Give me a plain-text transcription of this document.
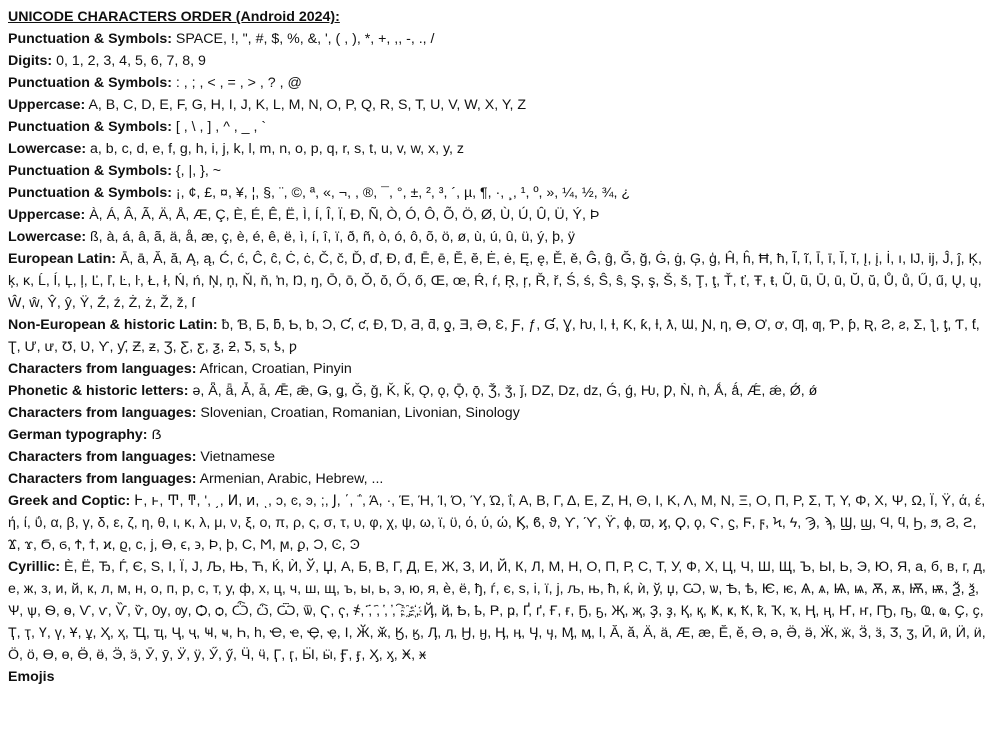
UNICODE CHARACTERS ORDER (Android 2024):

Punctuation & Symbols: SPACE, !, ", #, $, %, &, ', ( , ), *, +, ,, -, ., /

Digits: 0, 1, 2, 3, 4, 5, 6, 7, 8, 9

Punctuation & Symbols: : , ; , < , = , > , ? , @

Uppercase: A, B, C, D, E, F, G, H, I, J, K, L, M, N, O, P, Q, R, S, T, U, V, W, X, Y, Z

Punctuation & Symbols: [ , \ , ] , ^ , _ , `

Lowercase: a, b, c, d, e, f, g, h, i, j, k, l, m, n, o, p, q, r, s, t, u, v, w, x, y, z

Punctuation & Symbols: {, |, }, ~

Punctuation & Symbols: ¡, ¢, £, ¤, ¥, ¦, §, ¨, ©, ª, «, ¬, , ®, ¯, °, ±, ², ³, ´, µ, ¶, ·, ¸, ¹, º, », ¼, ½, ¾, ¿

Uppercase: À, Á, Â, Ã, Ä, Å, Æ, Ç, È, É, Ê, Ë, Ì, Í, Î, Ï, Ð, Ñ, Ò, Ó, Ô, Õ, Ö, Ø, Ù, Ú, Û, Ü, Ý, Þ

Lowercase: ß, à, á, â, ã, ä, å, æ, ç, è, é, ê, ë, ì, í, î, ï, ð, ñ, ò, ó, ô, õ, ö, ø, ù, ú, û, ü, ý, þ, ÿ

European Latin: Ā, ā, Ă, ă, Ą, ą, Ć, ć, Ĉ, ĉ, Ċ, ċ, Č, č, Ď, ď, Đ, đ, Ē, ē, Ĕ, ĕ, Ė, ė, Ę, ę, Ě, ě, Ĝ, ĝ, Ğ, ğ, Ġ, ġ, Ģ, ģ, Ĥ, ĥ, Ħ, ħ, Ĩ, ĩ, Ī, ī, Ĭ, ĭ, Į, į, İ, ı, Ĳ, ĳ, Ĵ, ĵ, Ķ, ķ, ĸ, Ĺ, ĺ, Ļ, ļ, Ľ, ľ, Ŀ, ŀ, Ł, ł, Ń, ń, Ņ, ņ, Ň, ň, ŉ, Ŋ, ŋ, Ō, ō, Ŏ, ŏ, Ő, ő, Œ, œ, Ŕ, ŕ, Ŗ, ŗ, Ř, ř, Ś, ś, Ŝ, ŝ, Ş, ş, Š, š, Ţ, ţ, Ť, ť, Ŧ, ŧ, Ũ, ũ, Ū, ū, Ŭ, ŭ, Ů, ů, Ű, ű, Ų, ų, Ŵ, ŵ, Ŷ, ŷ, Ÿ, Ź, ź, Ż, ż, Ž, ž, ſ

Non-European & historic Latin: ƀ, Ɓ, Ƃ, ƃ, Ƅ, ƅ, Ɔ, Ƈ, ƈ, Ɖ, Ɗ, Ƌ, ƌ, ƍ, Ǝ, Ə, Ɛ, Ƒ, ƒ, Ɠ, Ɣ, ƕ, Ɩ, Ɨ, Ƙ, ƙ, ƚ, ƛ, Ɯ, Ɲ, ƞ, Ɵ, Ơ, ơ, Ƣ, ƣ, Ƥ, ƥ, Ʀ, Ƨ, ƨ, Ʃ, ƪ, ƫ, Ƭ, ƭ, Ʈ, Ư, ư, Ʊ, Ʋ, Ƴ, ƴ, Ƶ, ƶ, Ʒ, Ƹ, ƹ, ƺ, ƻ, Ƽ, ƽ, ƾ, ƿ

Characters from languages: African, Croatian, Pinyin

Phonetic & historic letters: ǝ, Ǟ, ǟ, Ǡ, ǡ, Ǣ, ǣ, Ǥ, ǥ, Ǧ, ǧ, Ǩ, ǩ, Ǫ, ǫ, Ǭ, ǭ, Ǯ, ǯ, ǰ, DZ, Dz, dz, Ǵ, ǵ, Ƕ, Ƿ, Ǹ, ǹ, Ǻ, ǻ, Ǽ, ǽ, Ǿ, ǿ

Characters from languages: Slovenian, Croatian, Romanian, Livonian, Sinology

German typography: ẞ

Characters from languages: Vietnamese

Characters from languages: Armenian, Arabic, Hebrew, ...

Greek and Coptic: Ͱ, ͱ, Ͳ, ͳ, ʹ, ͵, Ͷ, ͷ, ͺ, ͻ, ͼ, ͽ, ;, Ϳ, ΄, ΅, Ά, ·, Έ, Ή, Ί, Ό, Ύ, Ώ, ΐ, Α, Β, Γ, Δ, Ε, Ζ, Η, Θ, Ι, Κ, Λ, Μ, Ν, Ξ, Ο, Π, Ρ, Σ, Τ, Υ, Φ, Χ, Ψ, Ω, Ϊ, Ϋ, ά, έ, ή, ί, ΰ, α, β, γ, δ, ε, ζ, η, θ, ι, κ, λ, μ, ν, ξ, ο, π, ρ, ς, σ, τ, υ, φ, χ, ψ, ω, ϊ, ϋ, ό, ύ, ώ, Ϗ, ϐ, ϑ, ϒ, ϓ, ϔ, ϕ, ϖ, ϗ, Ϙ, ϙ, Ϛ, ϛ, Ϝ, ϝ, Ϟ, ϟ, Ϡ, ϡ, Ϣ, ϣ, Ϥ, ϥ, Ϧ, ϧ, Ϩ, ϩ, Ϫ, ϫ, Ϭ, ϭ, Ϯ, ϯ, ϰ, ϱ, ϲ, ϳ, ϴ, ϵ, ϶, Ϸ, ϸ, Ϲ, Ϻ, ϻ, ϼ, Ͻ, Ͼ, Ͽ

Cyrillic: Ѐ, Ё, Ђ, Ѓ, Є, Ѕ, І, Ї, Ј, Љ, Њ, Ћ, Ќ, Ѝ, Ў, Џ, А, Б, В, Г, Д, Е, Ж, З, И, Й, К, Л, М, Н, О, П, Р, С, Т, У, Ф, Х, Ц, Ч, Ш, Щ, Ъ, Ы, Ь, Э, Ю, Я, а, б, в, г, д, е, ж, з, и, й, к, л, м, н, о, п, р, с, т, у, ф, х, ц, ч, ш, щ, ъ, ы, ь, э, ю, я, ѐ, ё, ђ, ѓ, є, ѕ, і, ї, ј, љ, њ, ћ, ќ, ѝ, ў, џ, Ѡ, ѡ, Ѣ, ѣ, Ѥ, ѥ, Ѧ, ѧ, Ѩ, ѩ, Ѫ, ѫ, Ѭ, ѭ, Ѯ, ѯ, Ѱ, ѱ, Ѳ, ѳ, Ѵ, ѵ, Ѷ, ѷ, Ѹ, ѹ, Ѻ, ѻ, Ѽ, ѽ, Ѿ, ѿ, Ҁ, ҁ, ҂, ҃, ҄, ҅, ҆, ҇, ҈, ҉, Ҋ, ҋ, Ҍ, ҍ, Ҏ, ҏ, Ґ, ґ, Ғ, ғ, Ҕ, ҕ, Җ, җ, Ҙ, ҙ, Қ, қ, Ҝ, ҝ, Ҟ, ҟ, Ҡ, ҡ, Ң, ң, Ҥ, ҥ, Ҧ, ҧ, Ҩ, ҩ, Ҫ, ҫ, Ҭ, ҭ, Ү, ү, Ұ, ұ, Ҳ, ҳ, Ҵ, ҵ, Ҷ, ҷ, Ҹ, ҹ, Һ, һ, Ҽ, ҽ, Ҿ, ҿ, Ӏ, Ӂ, ӂ, Ӄ, ӄ, Ӆ, ӆ, Ӈ, ӈ, Ӊ, ӊ, Ӌ, ӌ, Ӎ, ӎ, ӏ, Ӑ, ӑ, Ӓ, ӓ, Ӕ, ӕ, Ӗ, ӗ, Ә, ә, Ӛ, ӛ, Ӝ, ӝ, Ӟ, ӟ, Ӡ, ӡ, Ӣ, ӣ, Ӥ, ӥ, Ӧ, ӧ, Ө, ө, Ӫ, ӫ, Ӭ, ӭ, Ӯ, ӯ, Ӱ, ӱ, Ӳ, ӳ, Ӵ, ӵ, Ӷ, ӷ, Ӹ, ӹ, Ӻ, ӻ, Ӽ, ӽ, Ӿ, ӿ

Emojis
